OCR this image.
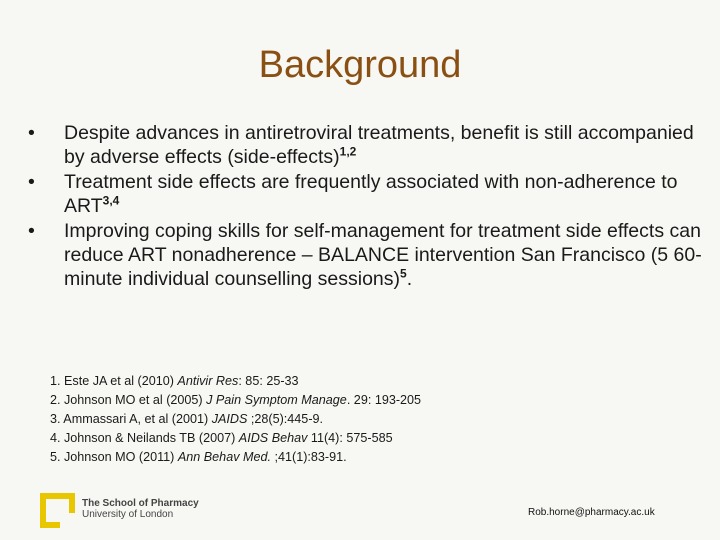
Background
•	Despite advances in antiretroviral treatments, benefit is still accompanied by adverse effects (side-effects)$^{1,2}$
•	Treatment side effects are frequently associated with non-adherence to ART$^{3,4}$
•	Improving coping skills for self-management for treatment side effects can reduce ART nonadherence – BALANCE intervention San Francisco (5 60-minute individual counselling sessions)$^5$.
1. Este JA et al (2010) Antivir Res: 85: 25-33
2. Johnson MO et al (2005) J Pain Symptom Manage. 29: 193-205
3. Ammassari A, et al (2001) JAIDS ;28(5):445-9.
4. Johnson & Neilands TB (2007) AIDS Behav 11(4): 575-585
5. Johnson MO (2011) Ann Behav Med. ;41(1):83-91.
The School of Pharmacy
University of London	Rob.horne@pharmacy.ac.uk
